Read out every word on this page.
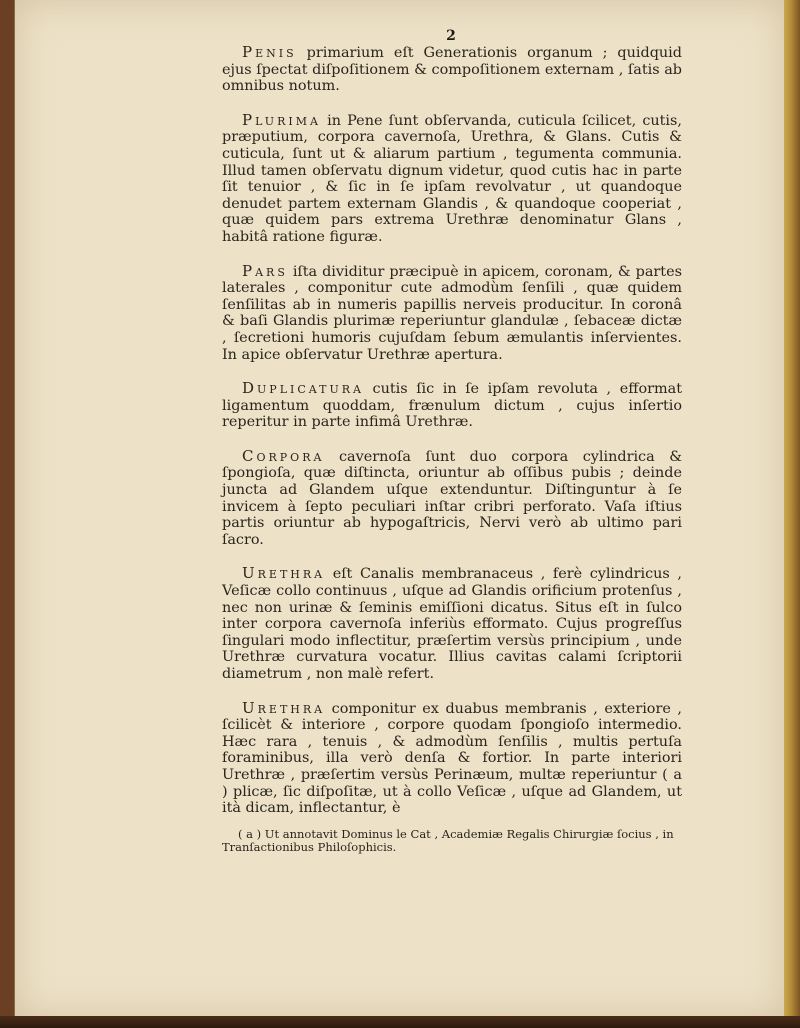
2

Penis primarium eſt Generationis organum ; quidquid ejus ſpectat diſpoſitionem & compoſitionem externam , ſatis ab omnibus notum.

Plurima in Pene ſunt obſervanda, cuticula ſcilicet, cutis, præputium, corpora cavernoſa, Urethra, & Glans. Cutis & cuticula, ſunt ut & aliarum partium , tegumenta communia. Illud tamen obſervatu dignum videtur, quod cutis hac in parte ſit tenuior , & ſic in ſe ipſam revolvatur , ut quandoque denudet partem externam Glandis , & quandoque cooperiat , quæ quidem pars extrema Urethræ denominatur Glans , habitâ ratione figuræ.

Pars iſta dividitur præcipuè in apicem, coronam, & partes laterales , componitur cute admodùm ſenſili , quæ quidem ſenſilitas ab in numeris papillis nerveis producitur. In coronâ & baſi Glandis plurimæ reperiuntur glandulæ , ſebaceæ dictæ , ſecretioni humoris cujuſdam ſebum æmulantis inſervientes. In apice obſervatur Urethræ apertura.

Duplicatura cutis ſic in ſe ipſam revoluta , efformat ligamentum quoddam, frænulum dictum , cujus inſertio reperitur in parte infimâ Urethræ.

Corpora cavernoſa ſunt duo corpora cylindrica & ſpongioſa, quæ diſtincta, oriuntur ab oſſibus pubis ; deinde juncta ad Glandem uſque extenduntur. Diſtinguntur à ſe invicem à ſepto peculiari inſtar cribri perforato. Vaſa iſtius partis oriuntur ab hypogaſtricis, Nervi verò ab ultimo pari ſacro.

Urethra eſt Canalis membranaceus , ferè cylindricus , Veſicæ collo continuus , uſque ad Glandis orificium protenſus , nec non urinæ & ſeminis emiſſioni dicatus. Situs eſt in ſulco inter corpora cavernoſa inferiùs efformato. Cujus progreſſus ſingulari modo inflectitur, præſertim versùs principium , unde Urethræ curvatura vocatur. Illius cavitas calami ſcriptorii diametrum , non malè refert.

Urethra componitur ex duabus membranis , exteriore , ſcilicèt & interiore , corpore quodam ſpongioſo intermedio. Hæc rara , tenuis , & admodùm ſenſilis , multis pertuſa foraminibus, illa verò denſa & fortior. In parte interiori Urethræ , præſertim versùs Perinæum, multæ reperiuntur ( a ) plicæ, ſic diſpoſitæ, ut à collo Veſicæ , uſque ad Glandem, ut ità dicam, inflectantur, è

( a ) Ut annotavit Dominus le Cat , Academiæ Regalis Chirurgiæ ſocius , in Tranſactionibus Philoſophicis.
